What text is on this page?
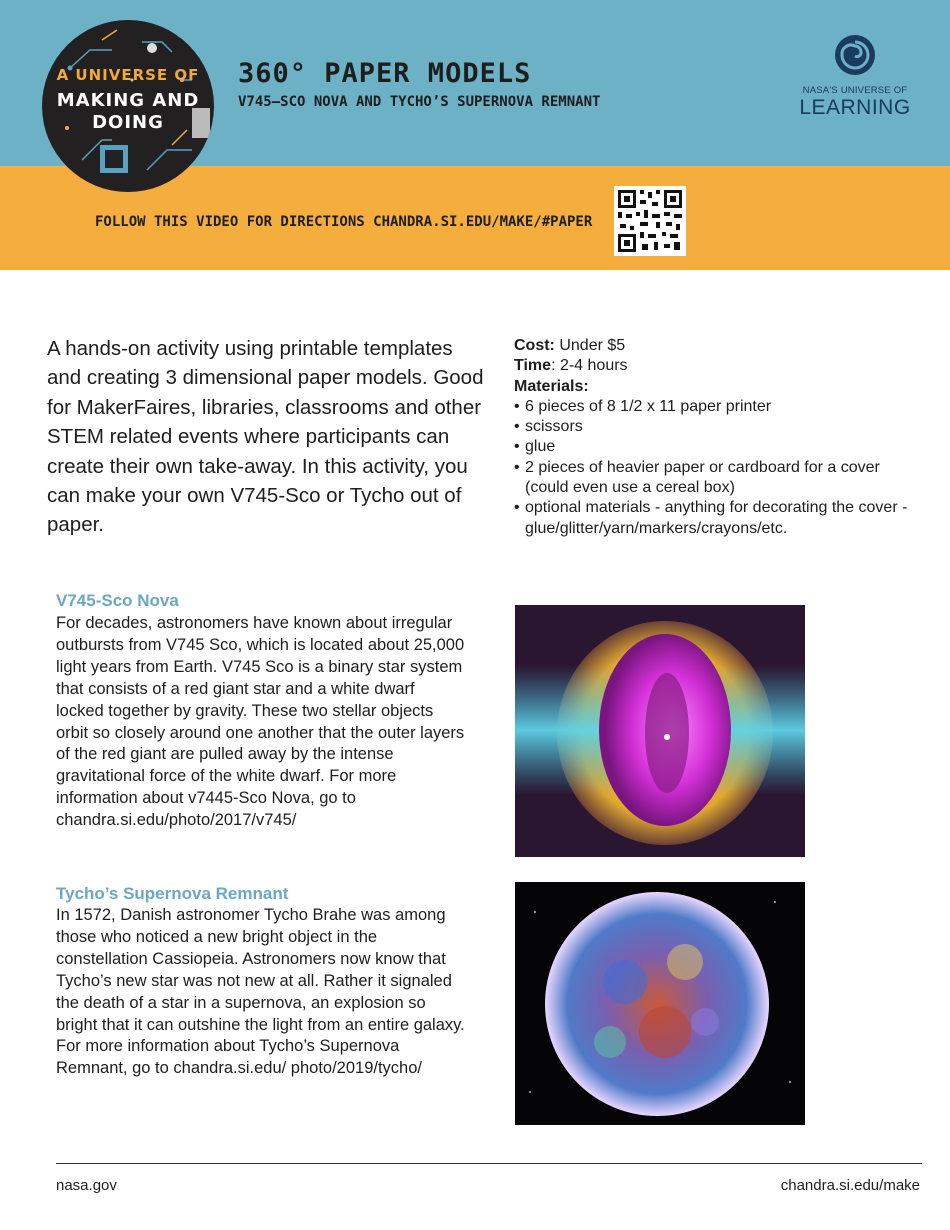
A UNIVERSE OF
MAKING AND
DOING
360° PAPER MODELS
V745–SCO NOVA AND TYCHO’S SUPERNOVA REMNANT
NASA'S UNIVERSE OF
LEARNING
FOLLOW THIS VIDEO FOR DIRECTIONS CHANDRA.SI.EDU/MAKE/#PAPER
A hands-on activity using printable templates and creating 3 dimensional paper models. Good for MakerFaires, libraries, classrooms and other STEM related events where participants can create their own take-away. In this activity, you can make your own V745-Sco or Tycho out of paper.
Cost: Under $5
Time: 2-4 hours
Materials:
• 6 pieces of 8 1/2 x 11 paper printer
• scissors
• glue
• 2 pieces of heavier paper or cardboard for a cover (could even use a cereal box)
• optional materials - anything for decorating the cover - glue/glitter/yarn/markers/crayons/etc.
V745-Sco Nova
For decades, astronomers have known about irregular outbursts from V745 Sco, which is located about 25,000 light years from Earth. V745 Sco is a binary star system that consists of a red giant star and a white dwarf locked together by gravity. These two stellar objects orbit so closely around one another that the outer layers of the red giant are pulled away by the intense gravitational force of the white dwarf. For more information about v7445-Sco Nova, go to chandra.si.edu/photo/2017/v745/
Tycho’s Supernova Remnant
In 1572, Danish astronomer Tycho Brahe was among those who noticed a new bright object in the constellation Cassiopeia. Astronomers now know that Tycho’s new star was not new at all. Rather it signaled the death of a star in a supernova, an explosion so bright that it can outshine the light from an entire galaxy. For more information about Tycho’s Supernova Remnant, go to chandra.si.edu/ photo/2019/tycho/
nasa.gov	chandra.si.edu/make
